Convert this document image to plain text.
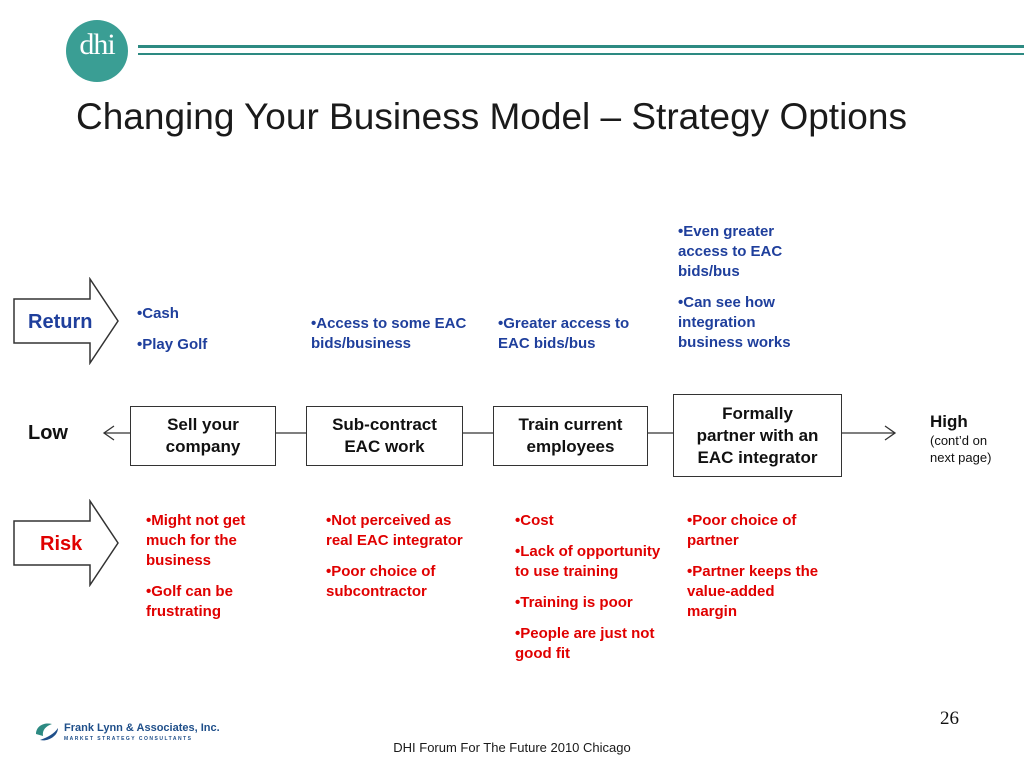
dhi
Changing Your Business Model – Strategy Options
Return
Risk
Low
High
(cont’d on
next page)
Sell your
company
Sub-contract
EAC work
Train current
employees
Formally
partner with an
EAC integrator

•Cash

•Play Golf

•Access to some EAC bids/business

•Greater access to EAC bids/bus

•Even greater access to EAC bids/bus

•Can see how integration business works

•Might not get much for the business

•Golf can be frustrating

•Not perceived as real EAC integrator

•Poor choice of subcontractor

•Cost

•Lack of opportunity to use training

•Training is poor

•People are just not good fit

•Poor choice of partner

•Partner keeps the value-added margin

Frank Lynn & Associates, Inc.
MARKET STRATEGY CONSULTANTS
26
DHI Forum For The Future 2010 Chicago
